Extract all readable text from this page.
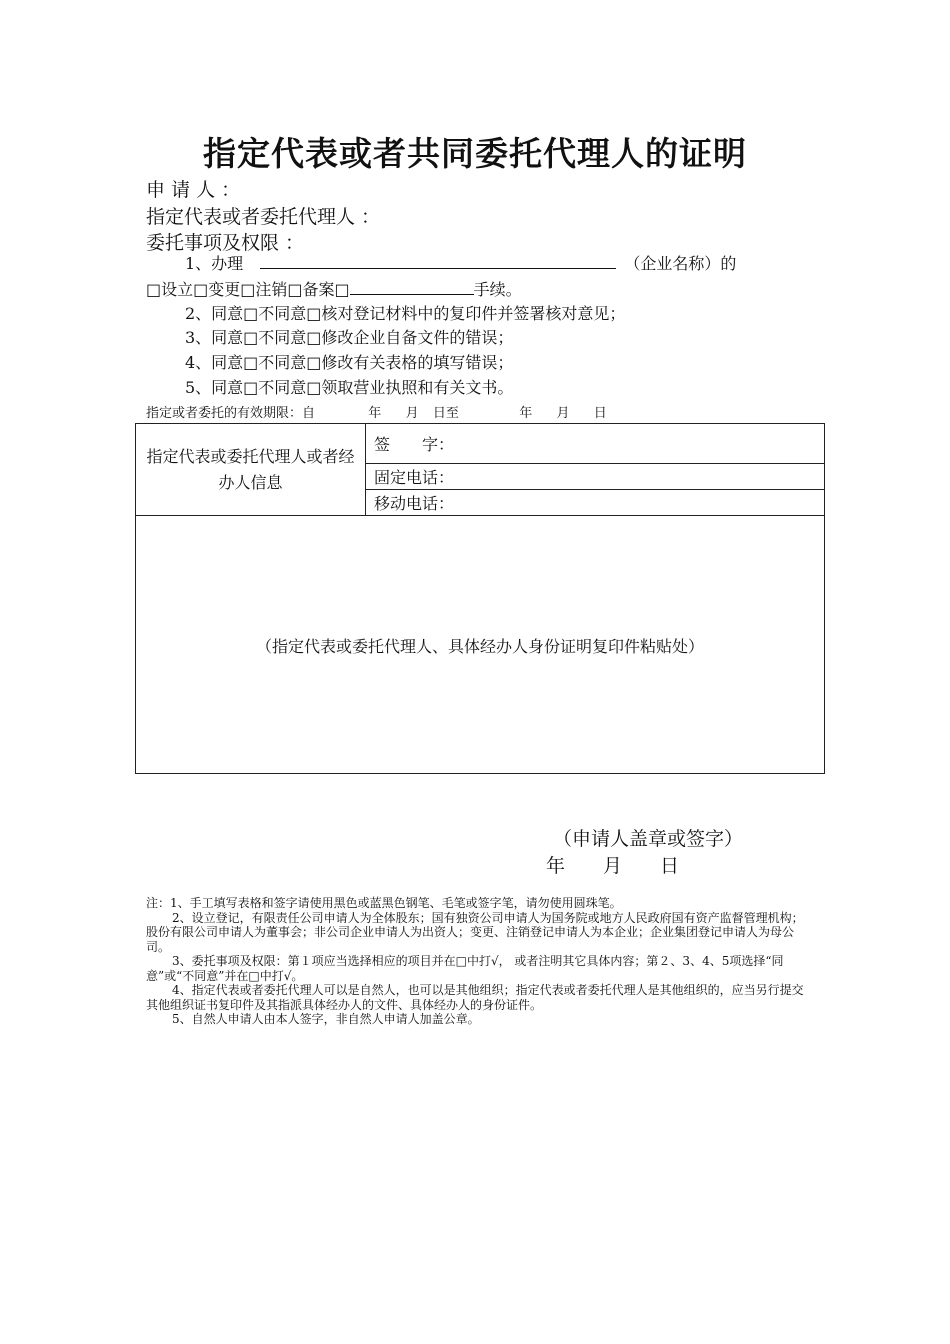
指定代表或者共同委托代理人的证明
申 请 人 ：
指定代表或者委托代理人 ：
委托事项及权限 ：
1、办理	（企业名称）的
□设立□变更□注销□备案□	手续。
2、同意□不同意□核对登记材料中的复印件并签署核对意见；
3、同意□不同意□修改企业自备文件的错误；
4、同意□不同意□修改有关表格的填写错误；
5、同意□不同意□领取营业执照和有关文书。
指定或者委托的有效期限：自	年 月 日至	年 月 日
指定代表或委托代理人或者经办人信息	签　　字：
固定电话：
移动电话：
（指定代表或委托代理人、具体经办人身份证明复印件粘贴处）
（申请人盖章或签字）
年　　月　　日

注：1、手工填写表格和签字请使用黑色或蓝黑色钢笔、毛笔或签字笔，请勿使用圆珠笔。

2、设立登记，有限责任公司申请人为全体股东；国有独资公司申请人为国务院或地方人民政府国有资产监督管理机构；股份有限公司申请人为董事会；非公司企业申请人为出资人；变更、注销登记申请人为本企业；企业集团登记申请人为母公司。

3、委托事项及权限：第１项应当选择相应的项目并在□中打√， 或者注明其它具体内容；第２、3、4、5项选择“同意”或“不同意”并在□中打√。

4、指定代表或者委托代理人可以是自然人，也可以是其他组织；指定代表或者委托代理人是其他组织的，应当另行提交其他组织证书复印件及其指派具体经办人的文件、具体经办人的身份证件。

5、自然人申请人由本人签字，非自然人申请人加盖公章。
